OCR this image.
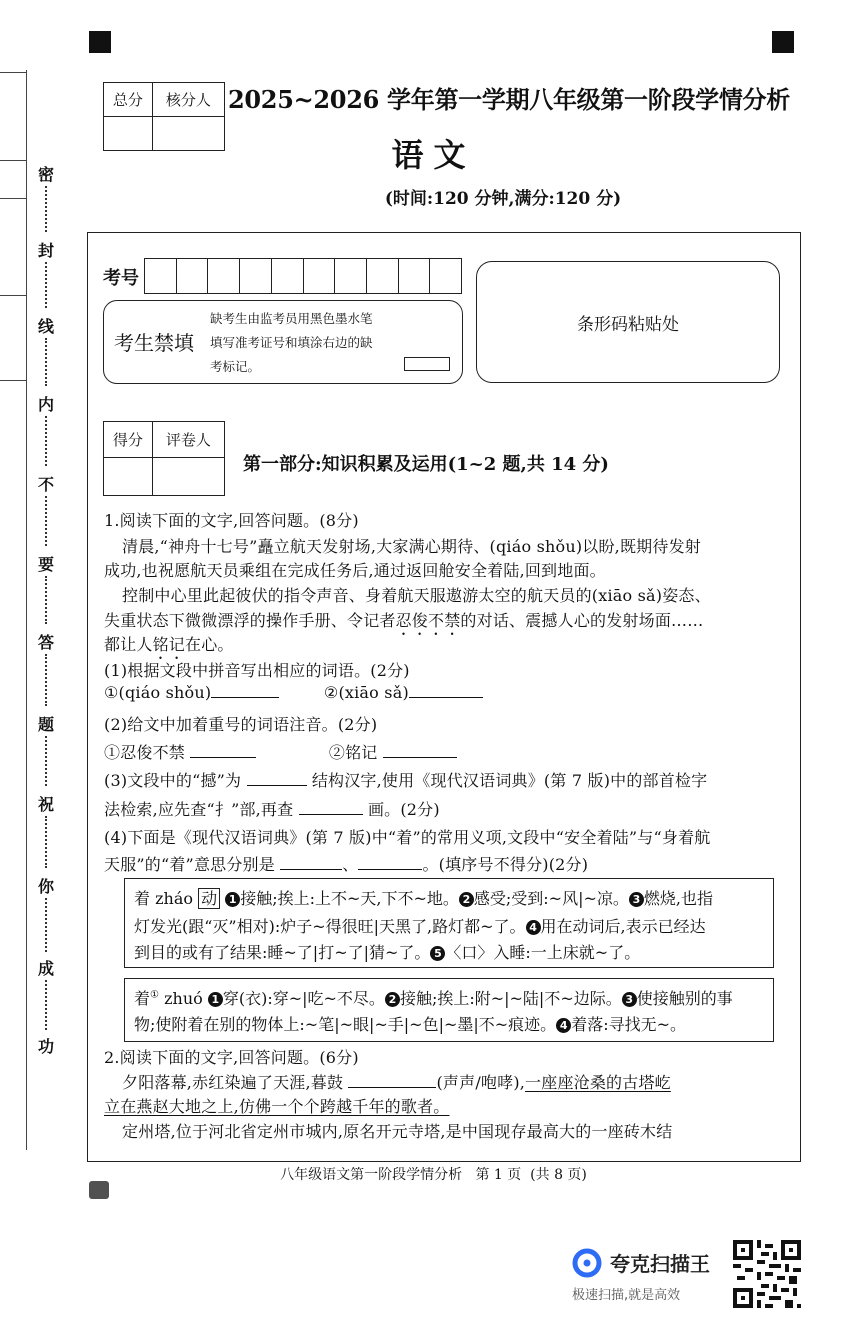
密
封
线
内
不
要
答
题
祝
你
成
功
总分	核分人
	2025~2026 学年第一学期八年级第一阶段学情分析
语文
(时间:120 分钟,满分:120 分)
考号
考生禁填
缺考生由监考员用黑色墨水笔
填写准考证号和填涂右边的缺
考标记。
条形码粘贴处
得分	评卷人

第一部分:知识积累及运用(1~2 题,共 14 分)
1.阅读下面的文字,回答问题。(8分)
清晨,“神舟十七号”矗立航天发射场,大家满心期待、(qiáo shǒu)以盼,既期待发射
成功,也祝愿航天员乘组在完成任务后,通过返回舱安全着陆,回到地面。
控制中心里此起彼伏的指令声音、身着航天服遨游太空的航天员的(xiāo sǎ)姿态、
失重状态下微微漂浮的操作手册、令记者忍俊不禁的对话、震撼人心的发射场面……
都让人铭记在心。
(1)根据文段中拼音写出相应的词语。(2分)
①(qiáo shǒu)	②(xiāo sǎ)
(2)给文中加着重号的词语注音。(2分)
①忍俊不禁	②铭记
(3)文段中的“撼”为	结构汉字,使用《现代汉语词典》(第 7 版)中的部首检字
法检索,应先查“扌”部,再查	画。(2分)
(4)下面是《现代汉语词典》(第 7 版)中“着”的常用义项,文段中“安全着陆”与“身着航
天服”的“着”意思分别是	、	。(填序号不得分)(2分)
着 zháo 动 1 接触;挨上:上不~天,下不~地。 2 感受;受到:~风|~凉。 3 燃烧,也指
灯发光(跟“灭”相对):炉子~得很旺|天黑了,路灯都~了。 4 用在动词后,表示已经达
到目的或有了结果:睡~了|打~了|猜~了。 5 〈口〉入睡:一上床就~了。
着① zhuó 1 穿(衣):穿~|吃~不尽。 2 接触;挨上:附~|~陆|不~边际。 3 使接触别的事
物;使附着在别的物体上:~笔|~眼|~手|~色|~墨|不~痕迹。 4 着落:寻找无~。
2.阅读下面的文字,回答问题。(6分)
夕阳落幕,赤红染遍了天涯,暮鼓	(声声/咆哮),一座座沧桑的古塔屹
立在燕赵大地之上,仿佛一个个跨越千年的歌者。
定州塔,位于河北省定州市城内,原名开元寺塔,是中国现存最高大的一座砖木结
八年级语文第一阶段学情分析   第 1 页  (共 8 页)
夸克扫描王
极速扫描,就是高效
